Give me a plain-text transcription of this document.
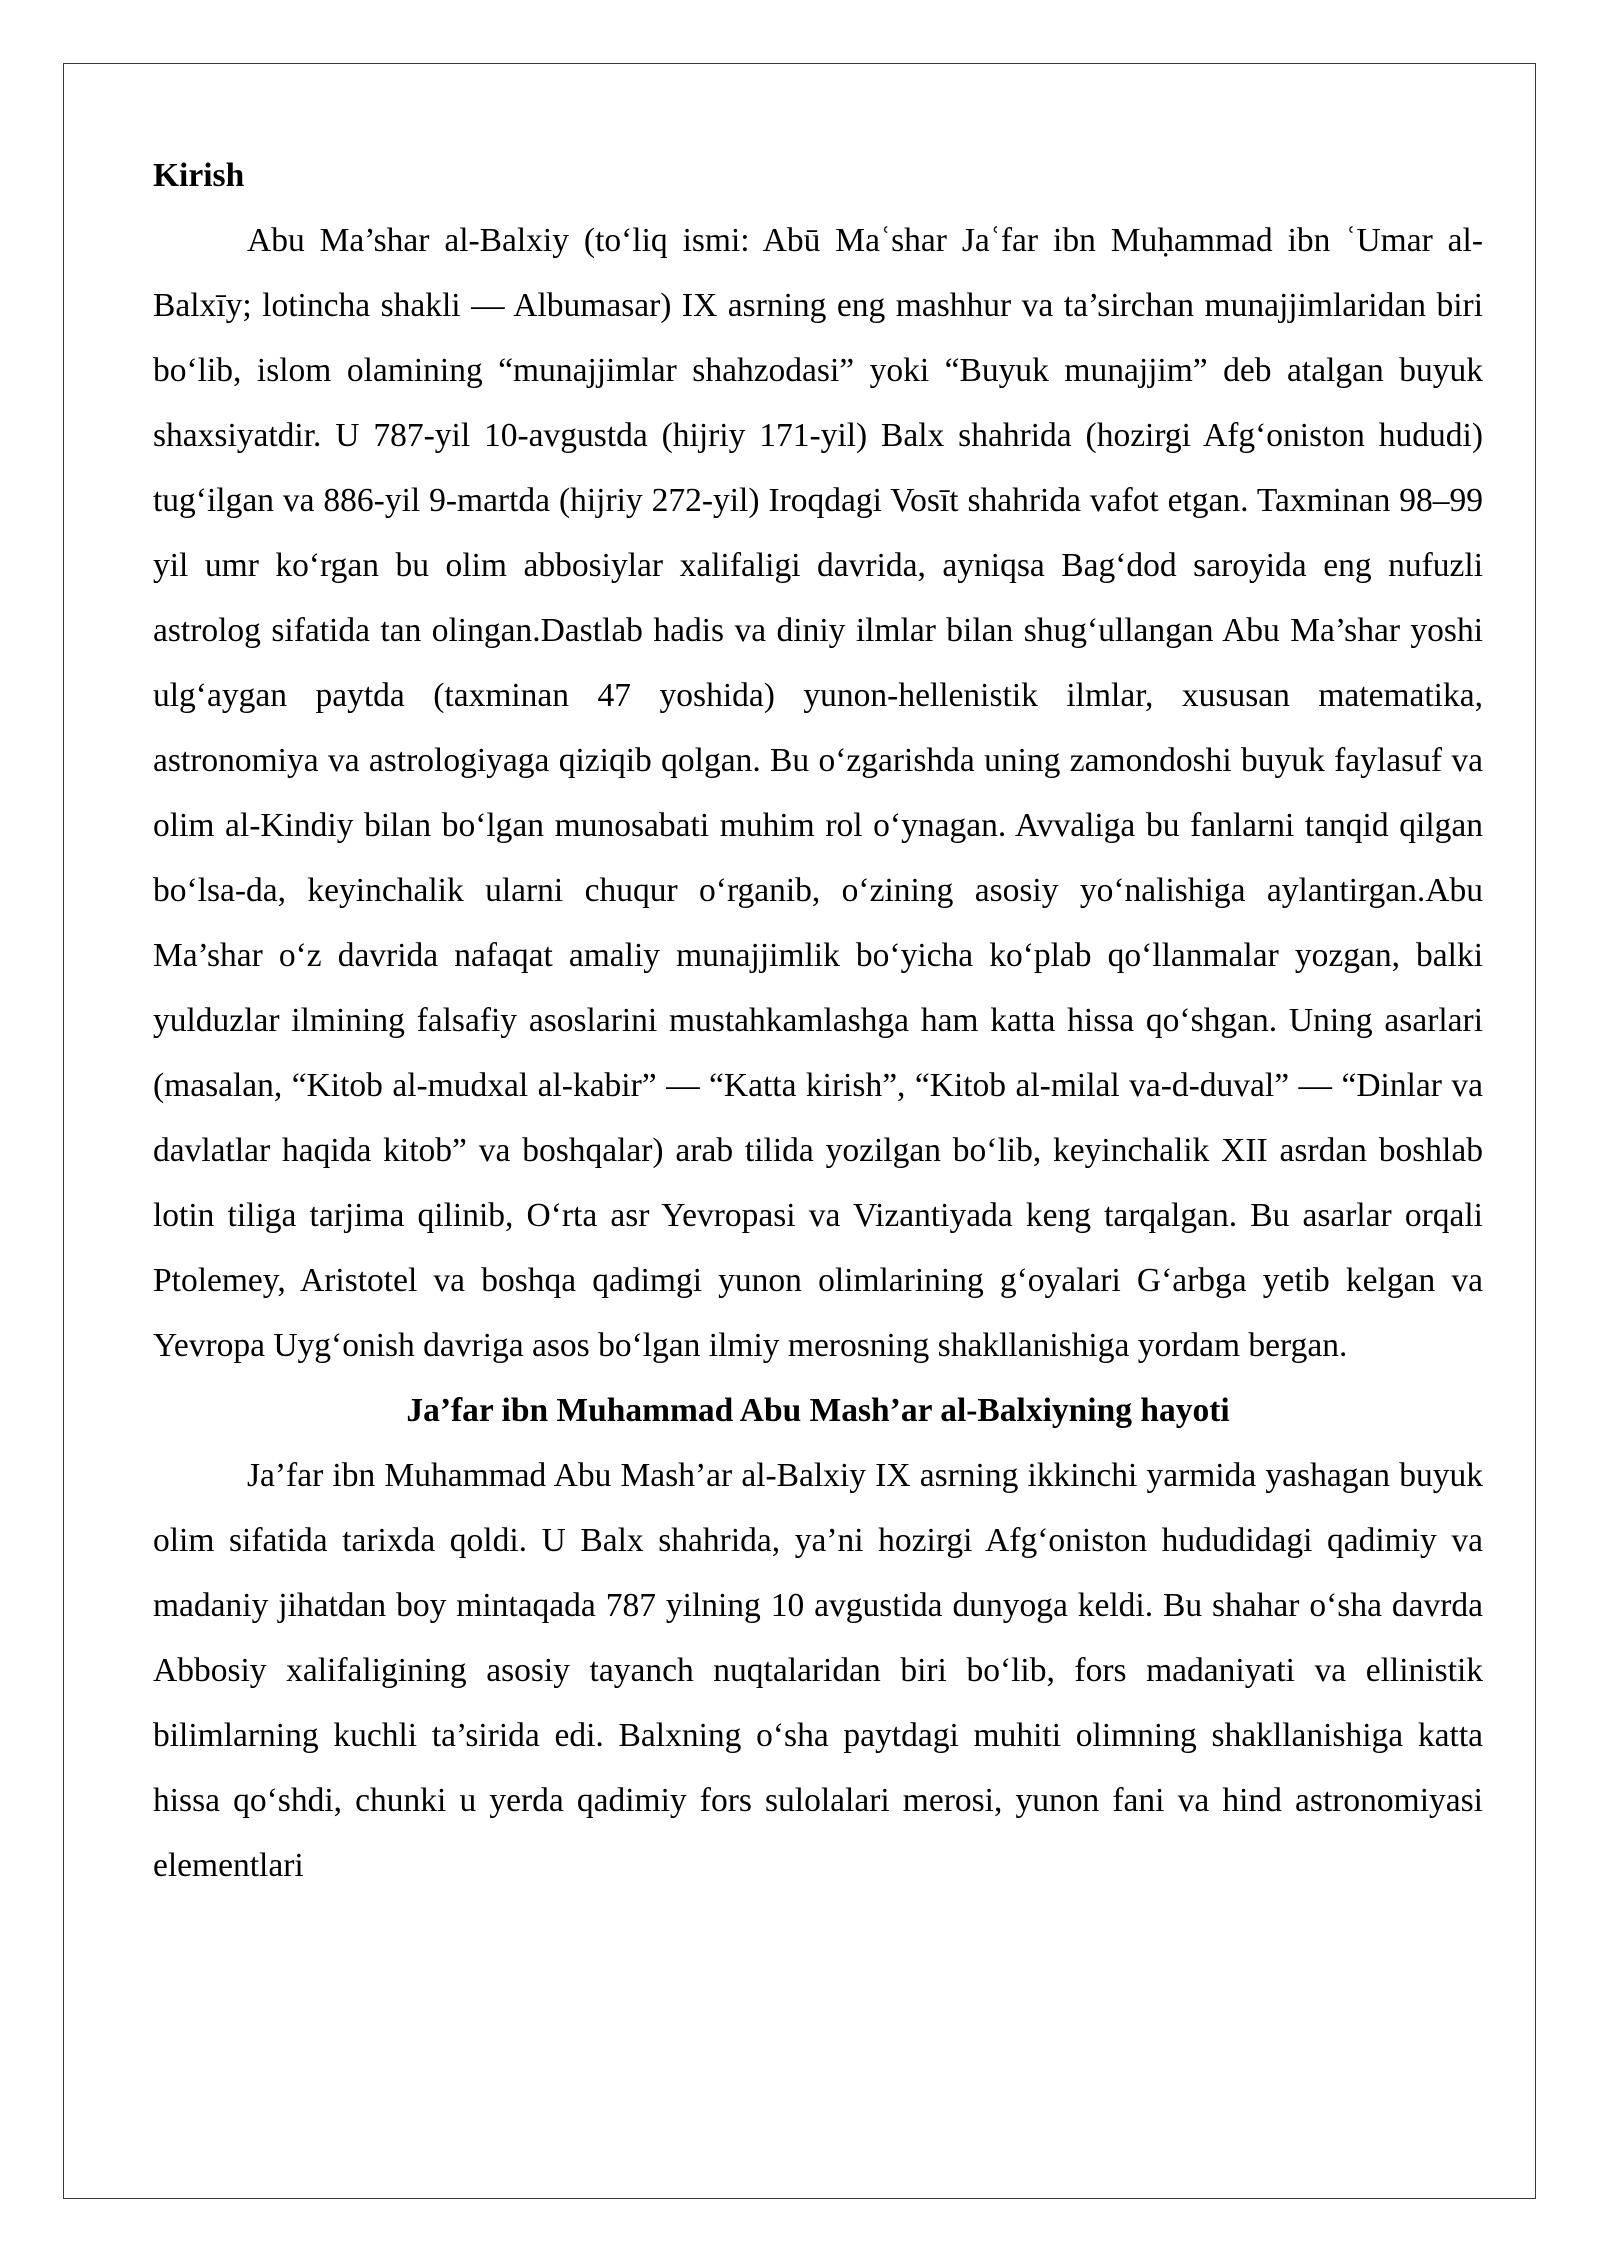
Kirish

Abu Ma’shar al-Balxiy (to‘liq ismi: Abū Maʿshar Jaʿfar ibn Muḥammad ibn ʿUmar al-Balxīy; lotincha shakli — Albumasar) IX asrning eng mashhur va ta’sirchan munajjimlaridan biri bo‘lib, islom olamining “munajjimlar shahzodasi” yoki “Buyuk munajjim” deb atalgan buyuk shaxsiyatdir. U 787-yil 10-avgustda (hijriy 171-yil) Balx shahrida (hozirgi Afg‘oniston hududi) tug‘ilgan va 886-yil 9-martda (hijriy 272-yil) Iroqdagi Vosīt shahrida vafot etgan. Taxminan 98–99 yil umr ko‘rgan bu olim abbosiylar xalifaligi davrida, ayniqsa Bag‘dod saroyida eng nufuzli astrolog sifatida tan olingan.Dastlab hadis va diniy ilmlar bilan shug‘ullangan Abu Ma’shar yoshi ulg‘aygan paytda (taxminan 47 yoshida) yunon-hellenistik ilmlar, xususan matematika, astronomiya va astrologiyaga qiziqib qolgan. Bu o‘zgarishda uning zamondoshi buyuk faylasuf va olim al-Kindiy bilan bo‘lgan munosabati muhim rol o‘ynagan. Avvaliga bu fanlarni tanqid qilgan bo‘lsa-da, keyinchalik ularni chuqur o‘rganib, o‘zining asosiy yo‘nalishiga aylantirgan.Abu Ma’shar o‘z davrida nafaqat amaliy munajjimlik bo‘yicha ko‘plab qo‘llanmalar yozgan, balki yulduzlar ilmining falsafiy asoslarini mustahkamlashga ham katta hissa qo‘shgan. Uning asarlari (masalan, “Kitob al-mudxal al-kabir” — “Katta kirish”, “Kitob al-milal va-d-duval” — “Dinlar va davlatlar haqida kitob” va boshqalar) arab tilida yozilgan bo‘lib, keyinchalik XII asrdan boshlab lotin tiliga tarjima qilinib, O‘rta asr Yevropasi va Vizantiyada keng tarqalgan. Bu asarlar orqali Ptolemey, Aristotel va boshqa qadimgi yunon olimlarining g‘oyalari G‘arbga yetib kelgan va Yevropa Uyg‘onish davriga asos bo‘lgan ilmiy merosning shakllanishiga yordam bergan.

Ja’far ibn Muhammad Abu Mash’ar al-Balxiyning hayoti

Ja’far ibn Muhammad Abu Mash’ar al-Balxiy IX asrning ikkinchi yarmida yashagan buyuk olim sifatida tarixda qoldi. U Balx shahrida, ya’ni hozirgi Afg‘oniston hududidagi qadimiy va madaniy jihatdan boy mintaqada 787 yilning 10 avgustida dunyoga keldi. Bu shahar o‘sha davrda Abbosiy xalifaligining asosiy tayanch nuqtalaridan biri bo‘lib, fors madaniyati va ellinistik bilimlarning kuchli ta’sirida edi. Balxning o‘sha paytdagi muhiti olimning shakllanishiga katta hissa qo‘shdi, chunki u yerda qadimiy fors sulolalari merosi, yunon fani va hind astronomiyasi elementlari
